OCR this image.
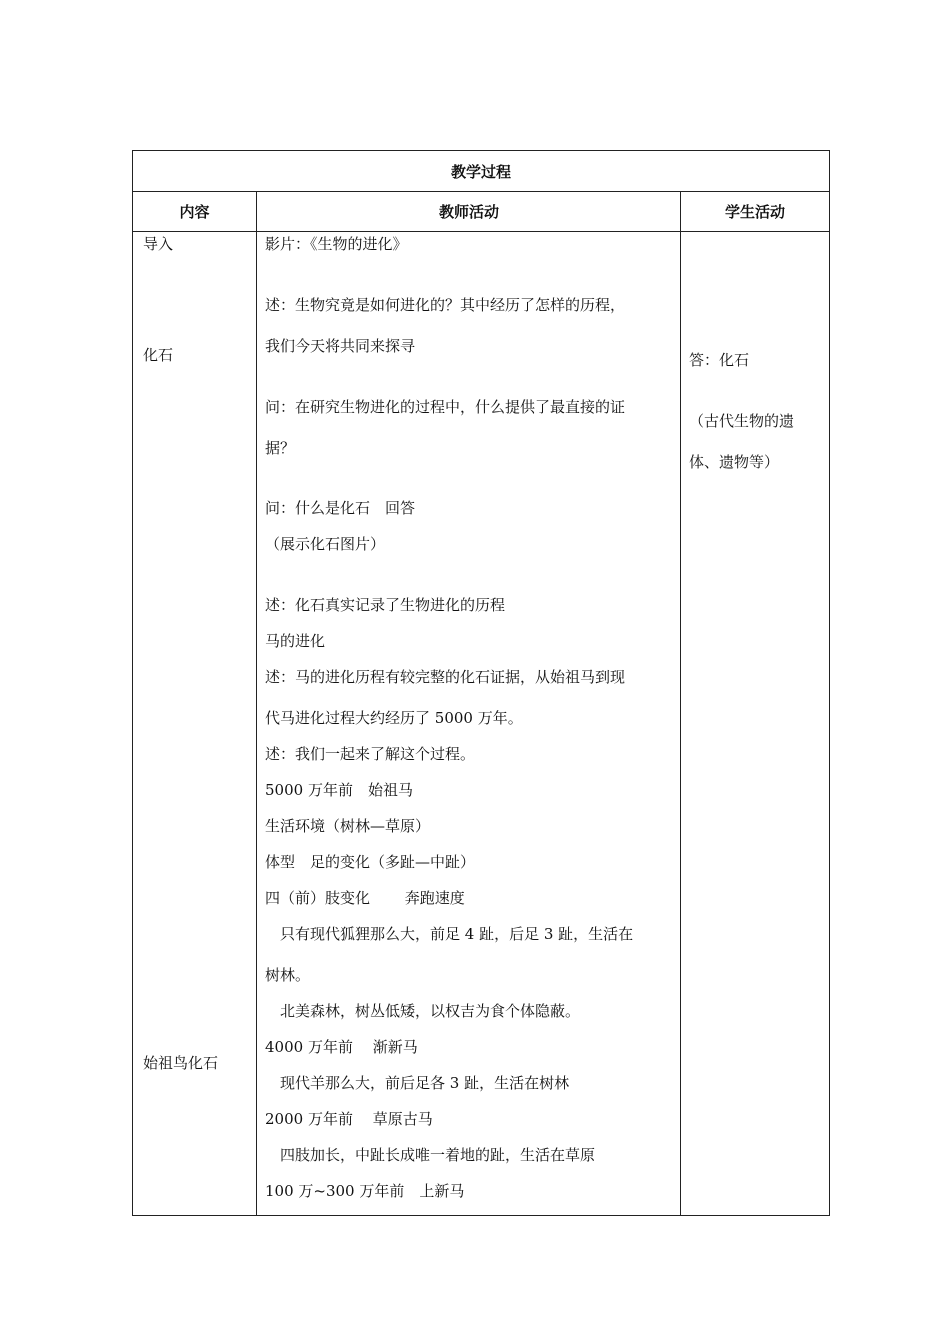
教学过程
内容	教师活动	学生活动
导入
化石
始祖鸟化石
影片：《生物的进化》
述：生物究竟是如何进化的？其中经历了怎样的历程，
我们今天将共同来探寻
问：在研究生物进化的过程中，什么提供了最直接的证
据？
问：什么是化石　回答
（展示化石图片）
述：化石真实记录了生物进化的历程
马的进化
述：马的进化历程有较完整的化石证据，从始祖马到现
代马进化过程大约经历了 5000 万年。
述：我们一起来了解这个过程。
5000 万年前　始祖马
生活环境（树林—草原）
体型　足的变化（多趾—中趾）
四（前）肢变化　　 奔跑速度
　只有现代狐狸那么大，前足 4 趾，后足 3 趾，生活在
树林。
　北美森林，树丛低矮，以权吉为食个体隐蔽。
4000 万年前　 渐新马
　现代羊那么大，前后足各 3 趾，生活在树林
2000 万年前　 草原古马
　四肢加长，中趾长成唯一着地的趾，生活在草原
100 万~300 万年前　上新马
答：化石
（古代生物的遗
体、遗物等）
